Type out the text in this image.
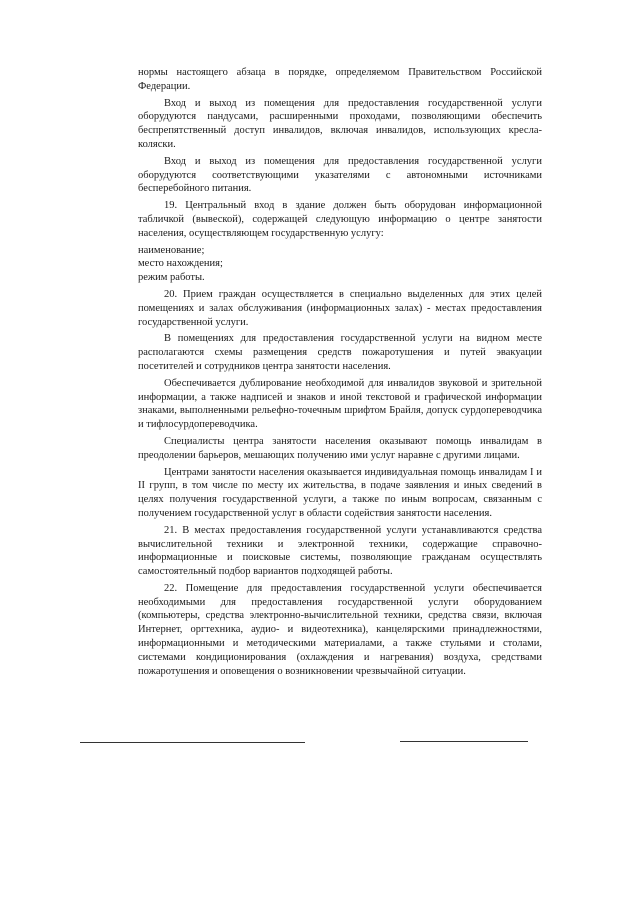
нормы настоящего абзаца в порядке, определяемом Правительством Российской Федерации.

Вход и выход из помещения для предоставления государственной услуги оборудуются пандусами, расширенными проходами, позволяющими обеспечить беспрепятственный доступ инвалидов, включая инвалидов, использующих кресла-коляски.

Вход и выход из помещения для предоставления государственной услуги оборудуются соответствующими указателями с автономными источниками бесперебойного питания.

19. Центральный вход в здание должен быть оборудован информационной табличкой (вывеской), содержащей следующую информацию о центре занятости населения, осуществляющем государственную услугу:

наименование;

место нахождения;

режим работы.

20. Прием граждан осуществляется в специально выделенных для этих целей помещениях и залах обслуживания (информационных залах) - местах предоставления государственной услуги.

В помещениях для предоставления государственной услуги на видном месте располагаются схемы размещения средств пожаротушения и путей эвакуации посетителей и сотрудников центра занятости населения.

Обеспечивается дублирование необходимой для инвалидов звуковой и зрительной информации, а также надписей и знаков и иной текстовой и графической информации знаками, выполненными рельефно-точечным шрифтом Брайля, допуск сурдопереводчика и тифлосурдопереводчика.

Специалисты центра занятости населения оказывают помощь инвалидам в преодолении барьеров, мешающих получению ими услуг наравне с другими лицами.

Центрами занятости населения оказывается индивидуальная помощь инвалидам I и II групп, в том числе по месту их жительства, в подаче заявления и иных сведений в целях получения государственной услуги, а также по иным вопросам, связанным с получением государственной услуг в области содействия занятости населения.

21. В местах предоставления государственной услуги устанавливаются средства вычислительной техники и электронной техники, содержащие справочно-информационные и поисковые системы, позволяющие гражданам осуществлять самостоятельный подбор вариантов подходящей работы.

22. Помещение для предоставления государственной услуги обеспечивается необходимыми для предоставления государственной услуги оборудованием (компьютеры, средства электронно-вычислительной техники, средства связи, включая Интернет, оргтехника, аудио- и видеотехника), канцелярскими принадлежностями, информационными и методическими материалами, а также стульями и столами, системами кондиционирования (охлаждения и нагревания) воздуха, средствами пожаротушения и оповещения о возникновении чрезвычайной ситуации.
